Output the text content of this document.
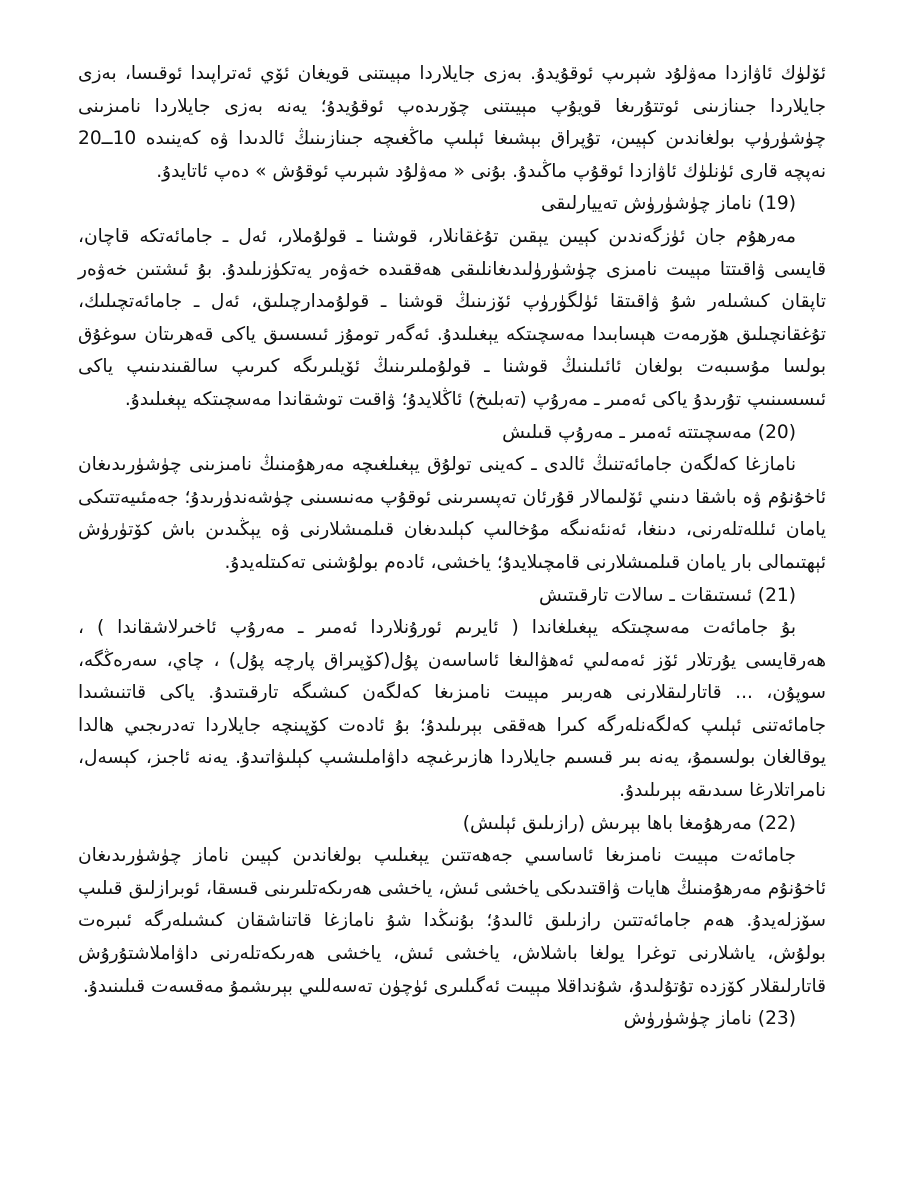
ئۆلۈك ئاۋازدا مەۋلۇد شېرىپ ئوقۇيدۇ. بەزى جايلاردا مېيىتنى قويغان ئۆي ئەتراپىدا ئوقىسا، بەزى جايلاردا جىنازىنى ئوتتۇرىغا قويۇپ مېيىتنى چۆرىدەپ ئوقۇيدۇ؛ يەنە بەزى جايلاردا نامىزىنى چۈشۈرۈپ بولغاندىن كېيىن، تۇپراق بېشىغا ئېلىپ ماڭغىچە جىنازىنىڭ ئالدىدا ۋە كەينىدە 10ــ20 نەپچە قارى ئۈنلۈك ئاۋازدا ئوقۇپ ماڭىدۇ. بۇنى « مەۋلۇد شېرىپ ئوقۇش » دەپ ئاتايدۇ.

(19) ناماز چۈشۈرۈش تەييارلىقى

مەرھۇم جان ئۈزگەندىن كېيىن يېقىن تۇغقانلار، قوشنا ـ قولۇملار، ئەل ـ جامائەتكە قاچان، قايسى ۋاقىتتا مېيىت نامىزى چۈشۈرۈلىدىغانلىقى ھەققىدە خەۋەر يەتكۈزىلىدۇ. بۇ ئىشتىن خەۋەر تاپقان كىشىلەر شۇ ۋاقىتقا ئۈلگۈرۈپ ئۆزىنىڭ قوشنا ـ قولۇمدارچىلىق، ئەل ـ جامائەتچىلىك، تۇغقانچىلىق ھۆرمەت ھېسابىدا مەسچىتكە يېغىلىدۇ. ئەگەر تومۇز ئىسسىق ياكى قەھرىتان سوغۇق بولسا مۇسىبەت بولغان ئائىلىنىڭ قوشنا ـ قولۇملىرىنىڭ ئۆيلىرىگە كىرىپ سالقىندىنىپ ياكى ئىسسىنىپ تۇرىدۇ ياكى ئەمىر ـ مەرۇپ (تەبلىخ) ئاڭلايدۇ؛ ۋاقىت توشقاندا مەسچىتكە يېغىلىدۇ.

(20) مەسچىتتە ئەمىر ـ مەرۇپ قىلىش

نامازغا كەلگەن جامائەتنىڭ ئالدى ـ كەينى تولۇق يېغىلغىچە مەرھۇمنىڭ نامىزىنى چۈشۈرىدىغان ئاخۇنۇم ۋە باشقا دىنىي ئۆلىمالار قۇرئان تەپسىرىنى ئوقۇپ مەنىسىنى چۈشەندۈرىدۇ؛ جەمئىيەتتىكى يامان ئىللەتلەرنى، دىنغا، ئەنئەنىگە مۇخالىپ كېلىدىغان قىلمىشلارنى ۋە يېڭىدىن باش كۆتۈرۈش ئېھتىمالى بار يامان قىلمىشلارنى قامچىلايدۇ؛ ياخشى، ئادەم بولۇشنى تەكىتلەيدۇ.

(21) ئىستىقات ـ سالات تارقىتىش

بۇ جامائەت مەسچىتكە يېغىلغاندا ( ئايرىم ئورۇنلاردا ئەمىر ـ مەرۇپ ئاخىرلاشقاندا ) ، ھەرقايسى يۇرتلار ئۆز ئەمەلىي ئەھۋالىغا ئاساسەن پۇل(كۆپىراق پارچە پۇل) ، چاي، سەرەڭگە، سوپۇن، ... قاتارلىقلارنى ھەربىر مېيىت نامىزىغا كەلگەن كىشىگە تارقىتىدۇ. ياكى قاتنىشىدا جامائەتنى ئېلىپ كەلگەنلەرگە كىرا ھەققى بېرىلىدۇ؛ بۇ ئادەت كۆپىنچە جايلاردا تەدرىجىي ھالدا يوقالغان بولسىمۇ، يەنە بىر قىسىم جايلاردا ھازىرغىچە داۋاملىشىپ كېلىۋاتىدۇ. يەنە ئاجىز، كېسەل، نامراتلارغا سىدىقە بېرىلىدۇ.

(22) مەرھۇمغا باھا بېرىش (رازىلىق ئېلىش)

جامائەت مېيىت نامىزىغا ئاساسىي جەھەتتىن يېغىلىپ بولغاندىن كېيىن ناماز چۈشۈرىدىغان ئاخۇنۇم مەرھۇمنىڭ ھايات ۋاقتىدىكى ياخشى ئىش، ياخشى ھەرىكەتلىرىنى قىسقا، ئوبرازلىق قىلىپ سۆزلەيدۇ. ھەم جامائەتتىن رازىلىق ئالىدۇ؛ بۇنىڭدا شۇ نامازغا قاتناشقان كىشىلەرگە ئىبرەت بولۇش، ياشلارنى توغرا يولغا باشلاش، ياخشى ئىش، ياخشى ھەرىكەتلەرنى داۋاملاشتۇرۇش قاتارلىقلار كۆزدە تۇتۇلىدۇ، شۇنداقلا مېيىت ئەگىلىرى ئۈچۈن تەسەللىي بېرىشمۇ مەقسەت قىلىنىدۇ.

(23) ناماز چۈشۈرۈش
